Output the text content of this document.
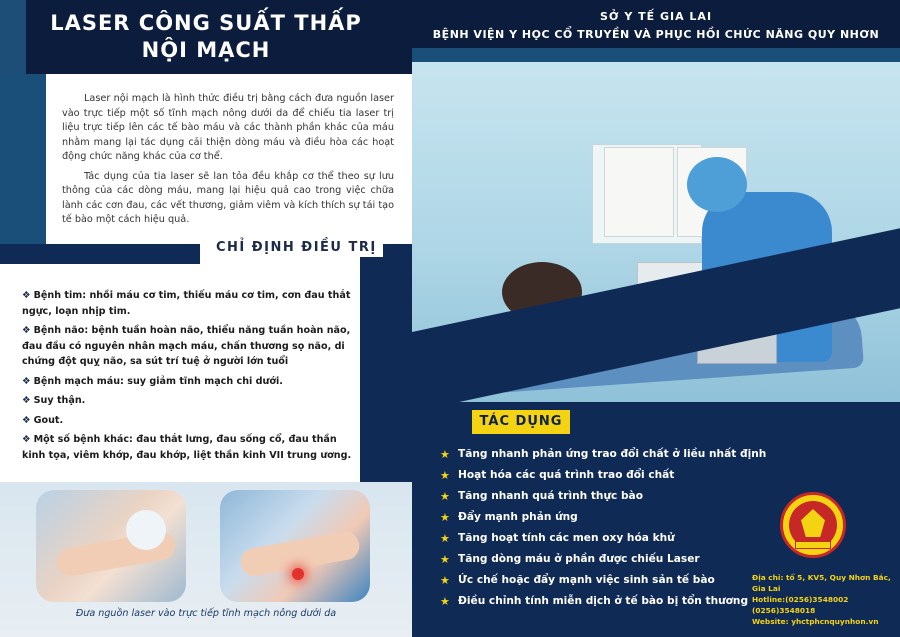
LASER CÔNG SUẤT THẤP
NỘI MẠCH

Laser nội mạch là hình thức điều trị bằng cách đưa nguồn laser vào trực tiếp một số tĩnh mạch nông dưới da để chiếu tia laser trị liệu trực tiếp lên các tế bào máu và các thành phần khác của máu nhằm mang lại tác dụng cải thiện dòng máu và điều hòa các hoạt động chức năng khác của cơ thể.

Tác dụng của tia laser sẽ lan tỏa đều khắp cơ thể theo sự lưu thông của các dòng máu, mang lại hiệu quả cao trong việc chữa lành các cơn đau, các vết thương, giảm viêm và kích thích sự tái tạo tế bào một cách hiệu quả.

CHỈ ĐỊNH ĐIỀU TRỊ
❖ Bệnh tim: nhồi máu cơ tim, thiếu máu cơ tim, cơn đau thắt ngực, loạn nhịp tim.
❖ Bệnh não: bệnh tuần hoàn não, thiểu năng tuần hoàn não, đau đầu có nguyên nhân mạch máu, chấn thương sọ não, di chứng đột quỵ não, sa sút trí tuệ ở người lớn tuổi
❖ Bệnh mạch máu: suy giảm tĩnh mạch chi dưới.
❖ Suy thận.
❖ Gout.
❖ Một số bệnh khác: đau thắt lưng, đau sống cổ, đau thần kinh tọa, viêm khớp, đau khớp, liệt thần kinh VII trung ương.
Đưa nguồn laser vào trực tiếp tĩnh mạch nông dưới da
SỞ Y TẾ GIA LAI
BỆNH VIỆN Y HỌC CỔ TRUYỀN VÀ PHỤC HỒI CHỨC NĂNG QUY NHƠN
TÁC DỤNG
★ Tăng nhanh phản ứng trao đổi chất ở liều nhất định
★ Hoạt hóa các quá trình trao đổi chất
★ Tăng nhanh quá trình thực bào
★ Đẩy mạnh phản ứng
★ Tăng hoạt tính các men oxy hóa khử
★ Tăng dòng máu ở phần được chiếu Laser
★ Ức chế hoặc đẩy mạnh việc sinh sản tế bào
★ Điều chỉnh tính miễn dịch ở tế bào bị tổn thương
Địa chỉ: tổ 5, KV5, Quy Nhơn Bắc, Gia Lai
Hotline:(0256)3548002 (0256)3548018
Website: yhctphcnquynhon.vn
